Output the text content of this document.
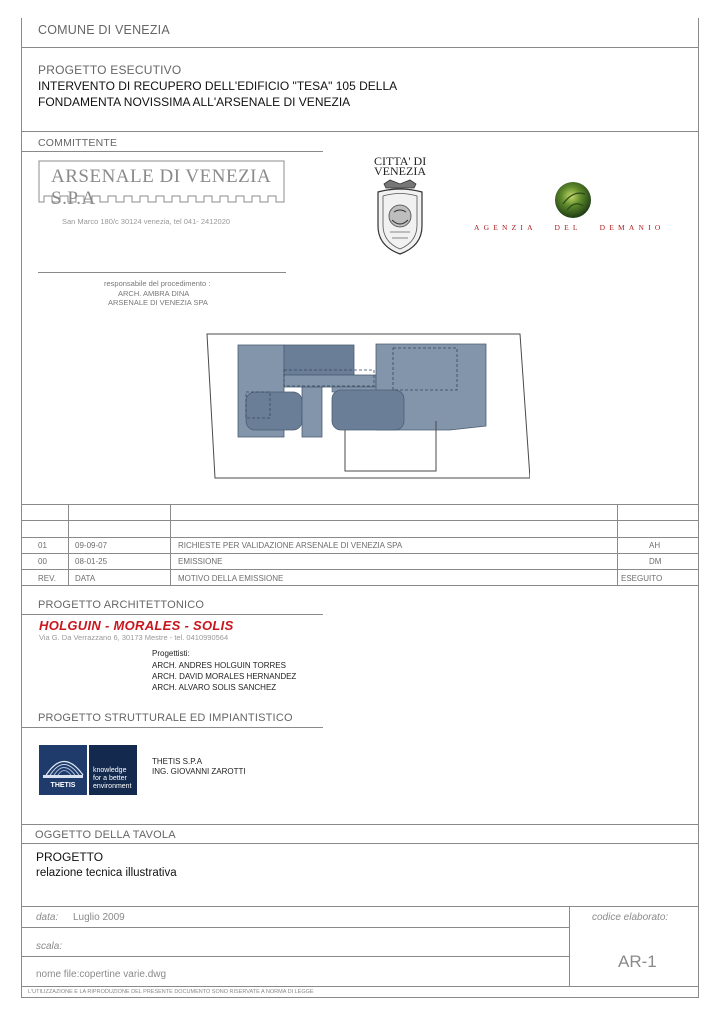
COMUNE DI VENEZIA
PROGETTO ESECUTIVO
INTERVENTO DI RECUPERO DELL'EDIFICIO "TESA" 105 DELLA
FONDAMENTA NOVISSIMA ALL'ARSENALE DI VENEZIA
COMMITTENTE
ARSENALE DI VENEZIA S.P.A
San Marco 180/c 30124 venezia, tel 041- 2412020
responsabile del procedimento :
ARCH. AMBRA DINA
ARSENALE DI VENEZIA SPA
CITTA' DI
VENEZIA
AGENZIA   DEL   DEMANIO
01	09-09-07	RICHIESTE PER VALIDAZIONE ARSENALE DI VENEZIA SPA	AH
00	08-01-25	EMISSIONE	DM
REV. DATA	MOTIVO DELLA EMISSIONE	ESEGUITO
PROGETTO ARCHITETTONICO
HOLGUIN - MORALES - SOLIS
Via G. Da Verrazzano 6, 30173 Mestre - tel. 0410990564
Progettisti:
ARCH. ANDRES HOLGUIN TORRES
ARCH. DAVID MORALES HERNANDEZ
ARCH. ALVARO SOLIS SANCHEZ
PROGETTO STRUTTURALE ED IMPIANTISTICO
THETIS
knowledge
for a better
environment
THETIS S.P.A
ING. GIOVANNI ZAROTTI
OGGETTO DELLA TAVOLA
PROGETTO
relazione tecnica illustrativa
data: Luglio 2009	codice elaborato:
scala:
nome file:copertine varie.dwg
AR-1
L'UTILIZZAZIONE E LA RIPRODUZIONE DEL PRESENTE DOCUMENTO SONO RISERVATE A NORMA DI LEGGE
